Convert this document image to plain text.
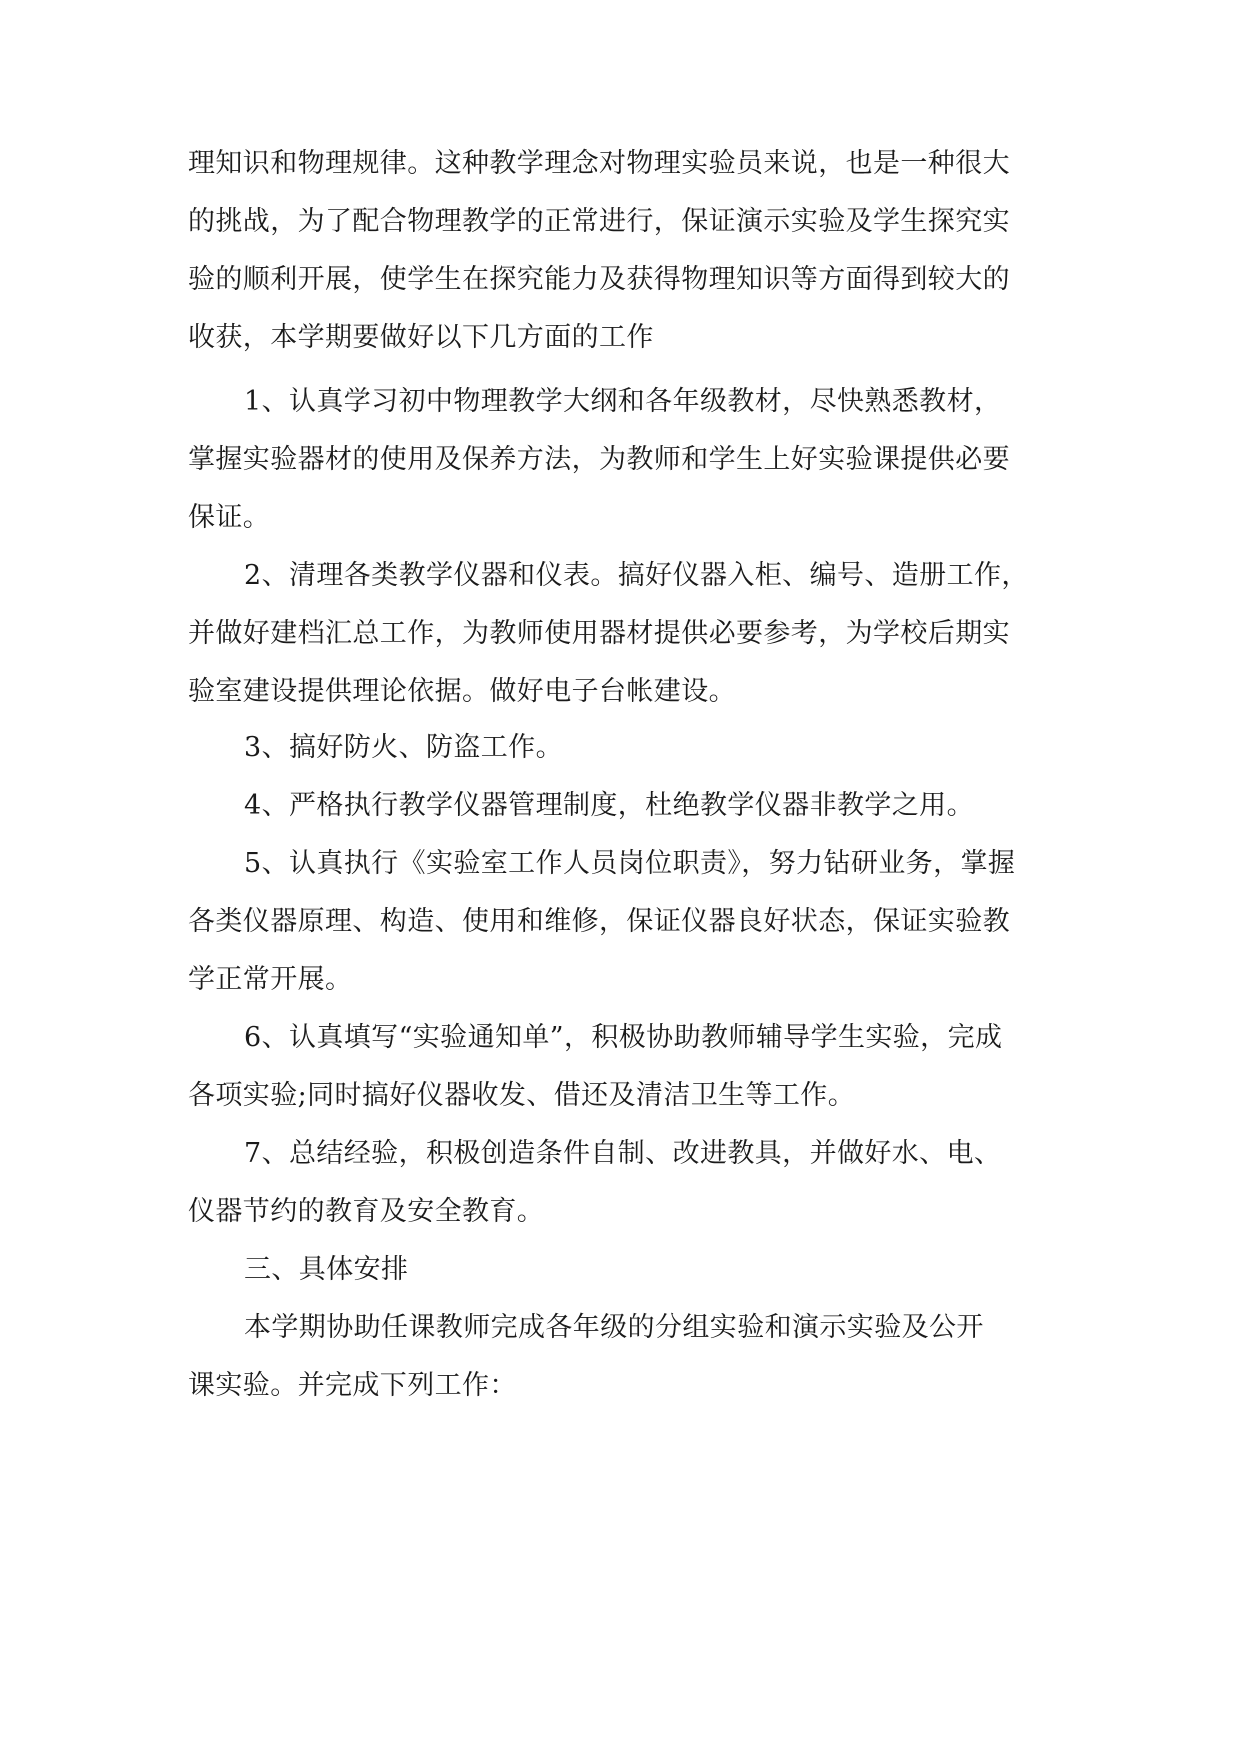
理知识和物理规律。这种教学理念对物理实验员来说，也是一种很大
的挑战，为了配合物理教学的正常进行，保证演示实验及学生探究实
验的顺利开展，使学生在探究能力及获得物理知识等方面得到较大的
收获，本学期要做好以下几方面的工作
1、认真学习初中物理教学大纲和各年级教材，尽快熟悉教材，
掌握实验器材的使用及保养方法，为教师和学生上好实验课提供必要
保证。
2、清理各类教学仪器和仪表。搞好仪器入柜、编号、造册工作，
并做好建档汇总工作，为教师使用器材提供必要参考，为学校后期实
验室建设提供理论依据。做好电子台帐建设。
3、搞好防火、防盗工作。
4、严格执行教学仪器管理制度，杜绝教学仪器非教学之用。
5、认真执行《实验室工作人员岗位职责》，努力钻研业务，掌握
各类仪器原理、构造、使用和维修，保证仪器良好状态，保证实验教
学正常开展。
6、认真填写“实验通知单”，积极协助教师辅导学生实验，完成
各项实验;同时搞好仪器收发、借还及清洁卫生等工作。
7、总结经验，积极创造条件自制、改进教具，并做好水、电、
仪器节约的教育及安全教育。
三、具体安排
本学期协助任课教师完成各年级的分组实验和演示实验及公开
课实验。并完成下列工作：
